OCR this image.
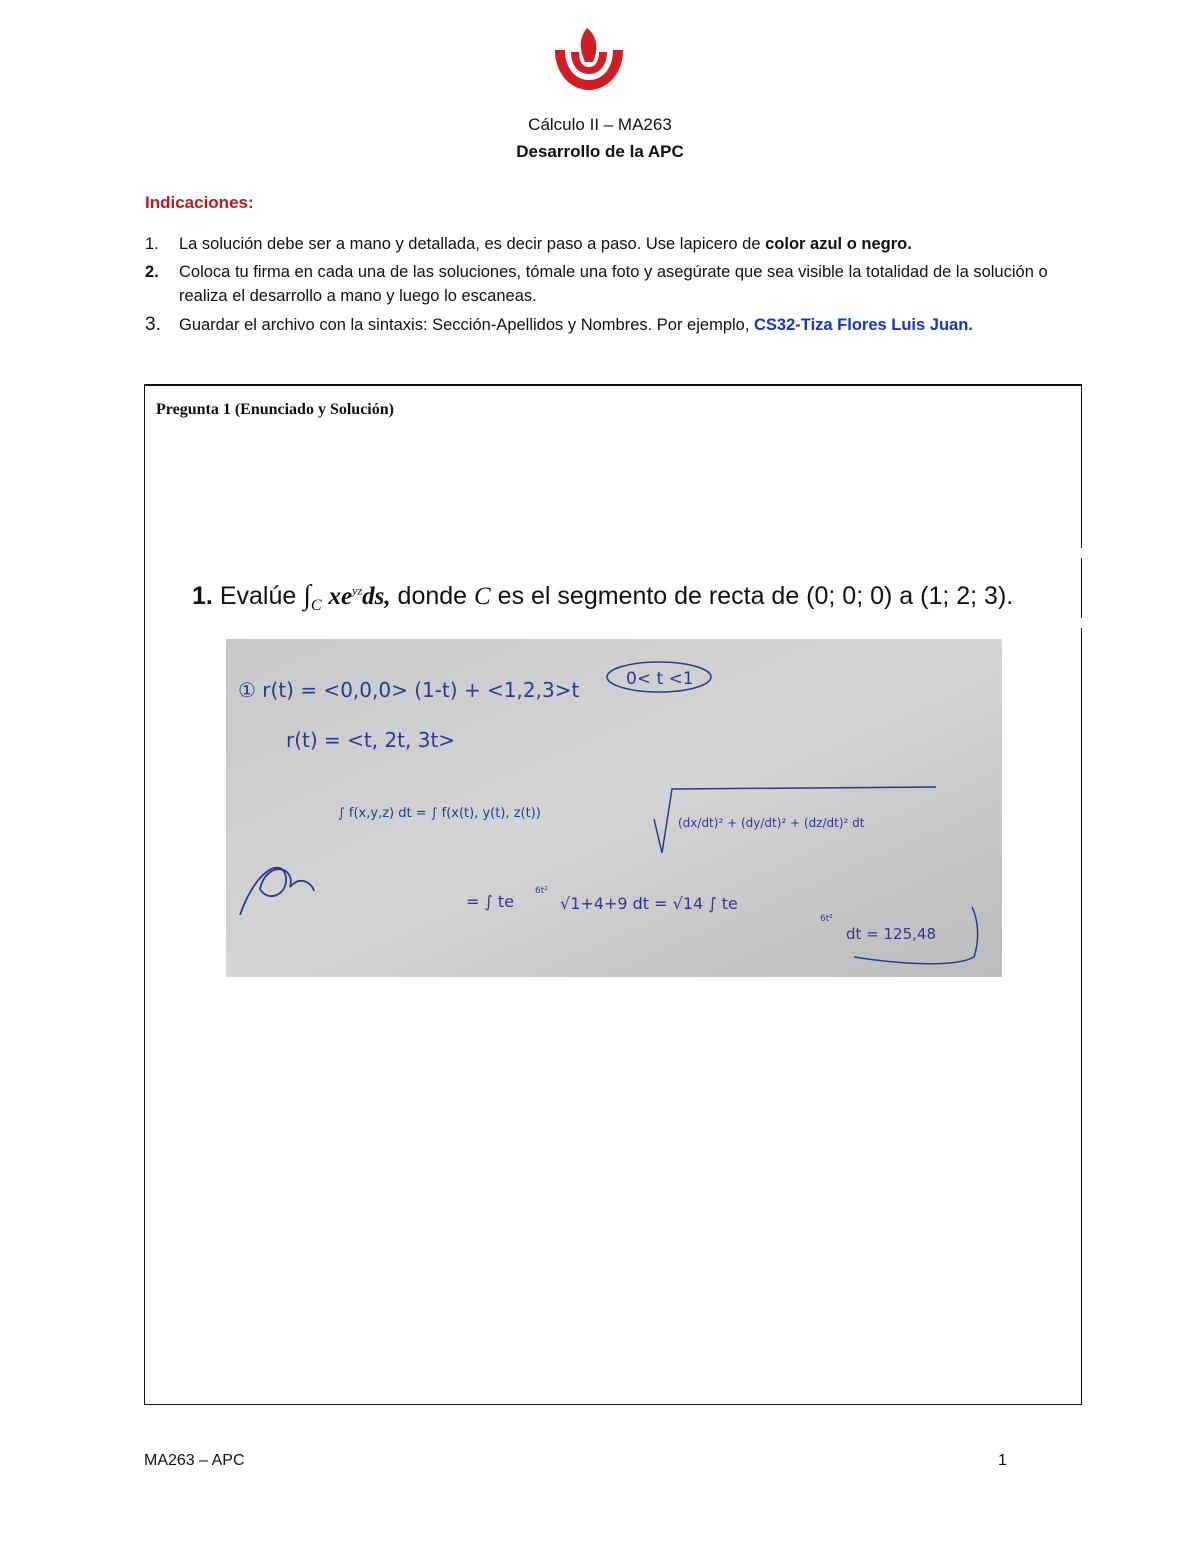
Cálculo II – MA263
Desarrollo de la APC
Indicaciones:
1. La solución debe ser a mano y detallada, es decir paso a paso. Use lapicero de color azul o negro.
2. Coloca tu firma en cada una de las soluciones, tómale una foto y asegúrate que sea visible la totalidad de la solución o realiza el desarrollo a mano y luego lo escaneas.
3. Guardar el archivo con la sintaxis: Sección-Apellidos y Nombres. Por ejemplo, CS32-Tiza Flores Luis Juan.
Pregunta 1 (Enunciado y Solución)
1. Evalúe $\int_C$ $xe^{yz}ds$, donde C es el segmento de recta de (0; 0; 0) a (1; 2; 3).
① r(t) = <0,0,0> (1-t) + <1,2,3>t	0< t <1
r(t) = <t, 2t, 3t>
∫ f(x,y,z) dt = ∫ f(x(t), y(t), z(t))
(dx/dt)² + (dy/dt)² + (dz/dt)² dt
= ∫ te
6t²
√1+4+9 dt = √14 ∫ te
6t²
dt = 125,48
MA263 – APC	1
